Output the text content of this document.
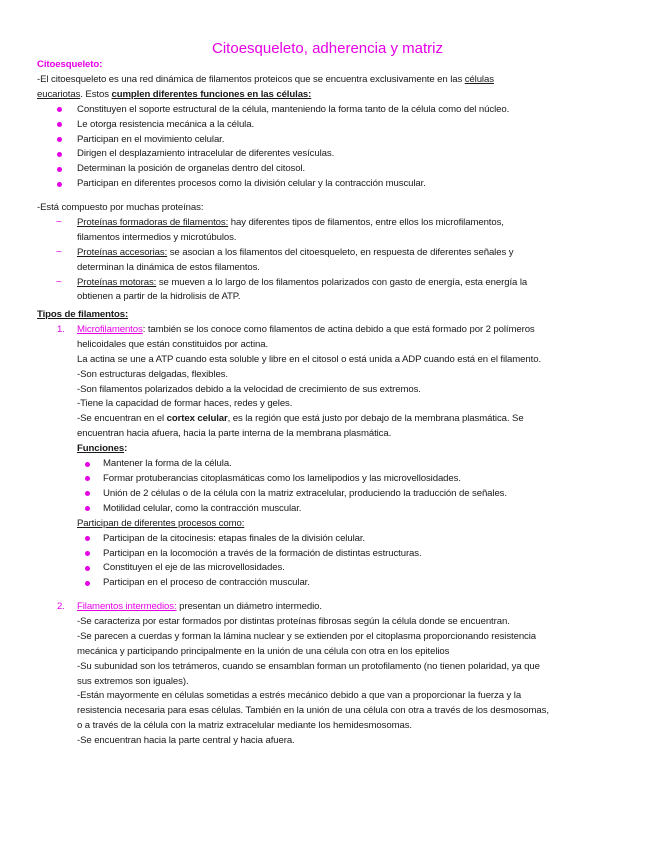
Citoesqueleto, adherencia y matriz
Citoesqueleto:
-El citoesqueleto es una red dinámica de filamentos proteicos que se encuentra exclusivamente en las células
eucariotas. Estos cumplen diferentes funciones en las células:
Constituyen el soporte estructural de la célula, manteniendo la forma tanto de la célula como del núcleo.
Le otorga resistencia mecánica a la célula.
Participan en el movimiento celular.
Dirigen el desplazamiento intracelular de diferentes vesículas.
Determinan la posición de organelas dentro del citosol.
Participan en diferentes procesos como la división celular y la contracción muscular.
-Está compuesto por muchas proteínas:
~ Proteínas formadoras de filamentos: hay diferentes tipos de filamentos, entre ellos los microfilamentos,
filamentos intermedios y microtúbulos.
~ Proteínas accesorias: se asocian a los filamentos del citoesqueleto, en respuesta de diferentes señales y
determinan la dinámica de estos filamentos.
~ Proteínas motoras: se mueven a lo largo de los filamentos polarizados con gasto de energía, esta energía la
obtienen a partir de la hidrolisis de ATP.
Tipos de filamentos:
1. Microfilamentos: también se los conoce como filamentos de actina debido a que está formado por 2 polímeros
helicoidales que están constituidos por actina.
La actina se une a ATP cuando esta soluble y libre en el citosol o está unida a ADP cuando está en el filamento.
-Son estructuras delgadas, flexibles.
-Son filamentos polarizados debido a la velocidad de crecimiento de sus extremos.
-Tiene la capacidad de formar haces, redes y geles.
-Se encuentran en el cortex celular, es la región que está justo por debajo de la membrana plasmática. Se
encuentran hacia afuera, hacia la parte interna de la membrana plasmática.
Funciones:
Mantener la forma de la célula.
Formar protuberancias citoplasmáticas como los lamelipodios y las microvellosidades.
Unión de 2 células o de la célula con la matriz extracelular, produciendo la traducción de señales.
Motilidad celular, como la contracción muscular.
Participan de diferentes procesos como:
Participan de la citocinesis: etapas finales de la división celular.
Participan en la locomoción a través de la formación de distintas estructuras.
Constituyen el eje de las microvellosidades.
Participan en el proceso de contracción muscular.
2. Filamentos intermedios: presentan un diámetro intermedio.
-Se caracteriza por estar formados por distintas proteínas fibrosas según la célula donde se encuentran.
-Se parecen a cuerdas y forman la lámina nuclear y se extienden por el citoplasma proporcionando resistencia
mecánica y participando principalmente en la unión de una célula con otra en los epitelios
-Su subunidad son los tetrámeros, cuando se ensamblan forman un protofilamento (no tienen polaridad, ya que
sus extremos son iguales).
-Están mayormente en células sometidas a estrés mecánico debido a que van a proporcionar la fuerza y la
resistencia necesaria para esas células. También en la unión de una célula con otra a través de los desmosomas,
o a través de la célula con la matriz extracelular mediante los hemidesmosomas.
-Se encuentran hacia la parte central y hacia afuera.
